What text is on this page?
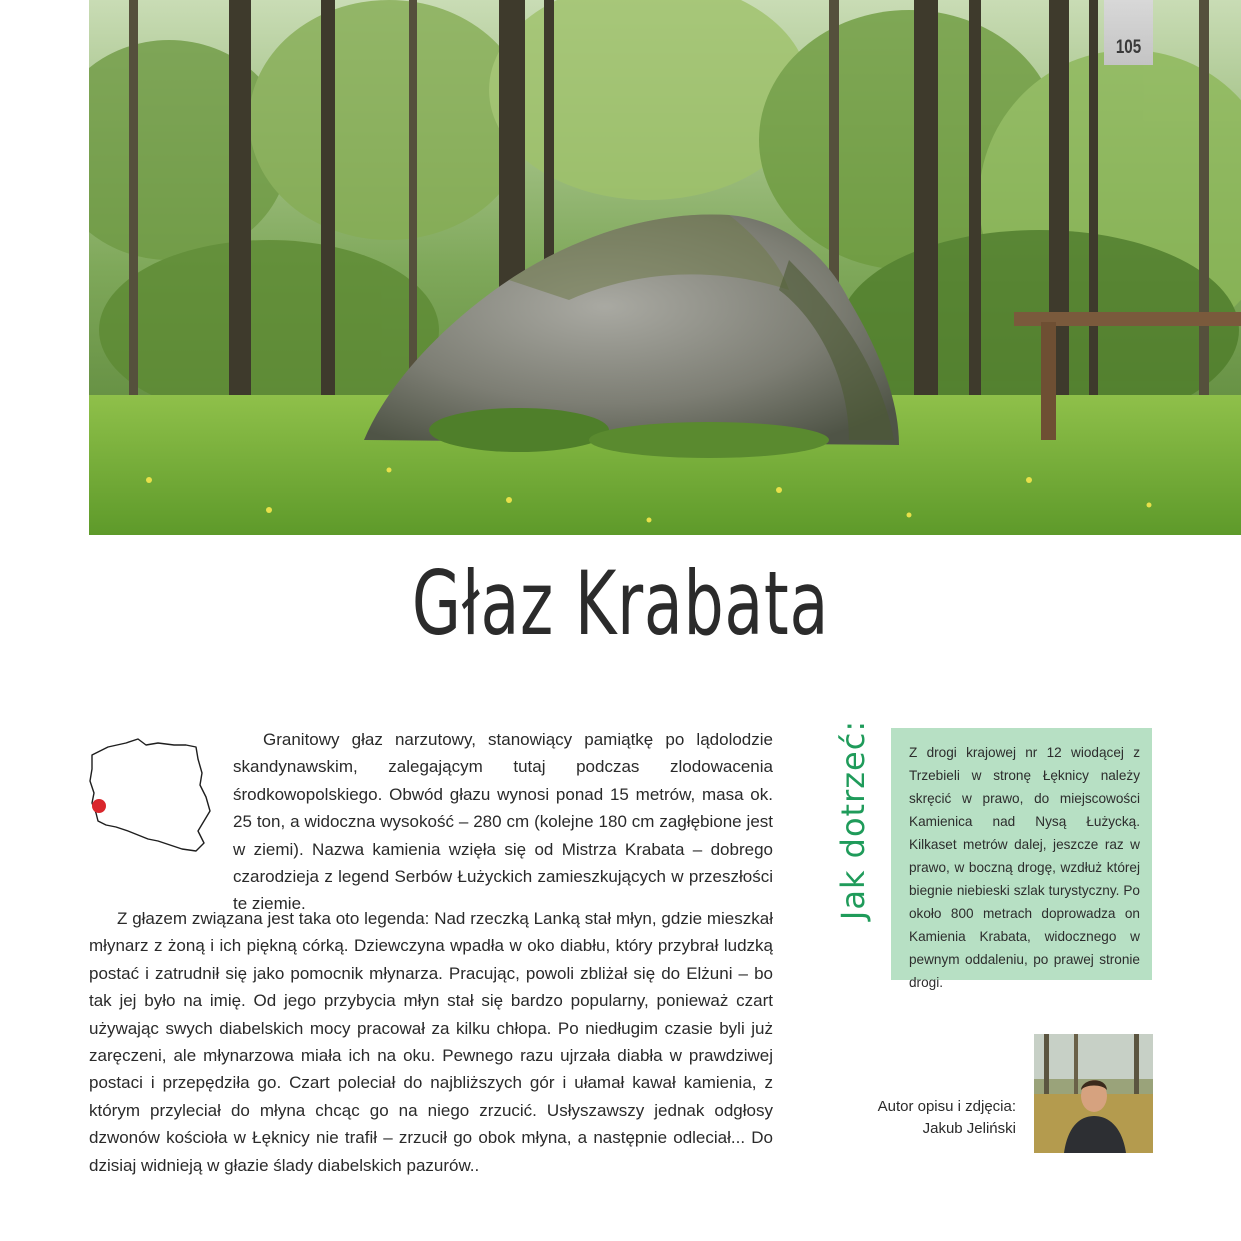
105
Głaz Krabata

Granitowy głaz narzutowy, stanowiący pamiątkę po lądolodzie skandynawskim, zalegającym tutaj podczas zlodowacenia środkowopolskiego. Obwód głazu wynosi ponad 15 metrów, masa ok. 25 ton, a widoczna wysokość – 280 cm (kolejne 180 cm zagłębione jest w ziemi). Nazwa kamienia wzięła się od Mistrza Krabata – dobrego czarodzieja z legend Serbów Łużyckich zamieszkujących w przeszłości te ziemie.

Z głazem związana jest taka oto legenda: Nad rzeczką Lanką stał młyn, gdzie mieszkał młynarz z żoną i ich piękną córką. Dziewczyna wpadła w oko diabłu, który przybrał ludzką postać i zatrudnił się jako pomocnik młynarza. Pracując, powoli zbliżał się do Elżuni – bo tak jej było na imię. Od jego przybycia młyn stał się bardzo popularny, ponieważ czart używając swych diabelskich mocy pracował za kilku chłopa. Po niedługim czasie byli już zaręczeni, ale młynarzowa miała ich na oku. Pewnego razu ujrzała diabła w prawdziwej postaci i przepędziła go. Czart poleciał do najbliższych gór i ułamał kawał kamienia, z którym przyleciał do młyna chcąc go na niego zrzucić. Usłyszawszy jednak odgłosy dzwonów kościoła w Łęknicy nie trafił – zrzucił go obok młyna, a następnie odleciał... Do dzisiaj widnieją w głazie ślady diabelskich pazurów..

Jak dotrzeć:	Z drogi krajowej nr 12 wiodącej z Trzebieli w stronę Łęknicy należy skręcić w prawo, do miejscowości Kamienica nad Nysą Łużycką. Kilkaset metrów dalej, jeszcze raz w prawo, w boczną drogę, wzdłuż której biegnie niebieski szlak turystyczny. Po około 800 metrach doprowadza on Kamienia Krabata, widocznego w pewnym oddaleniu, po prawej stronie drogi.

Autor opisu i zdjęcia:
Jakub Jeliński
